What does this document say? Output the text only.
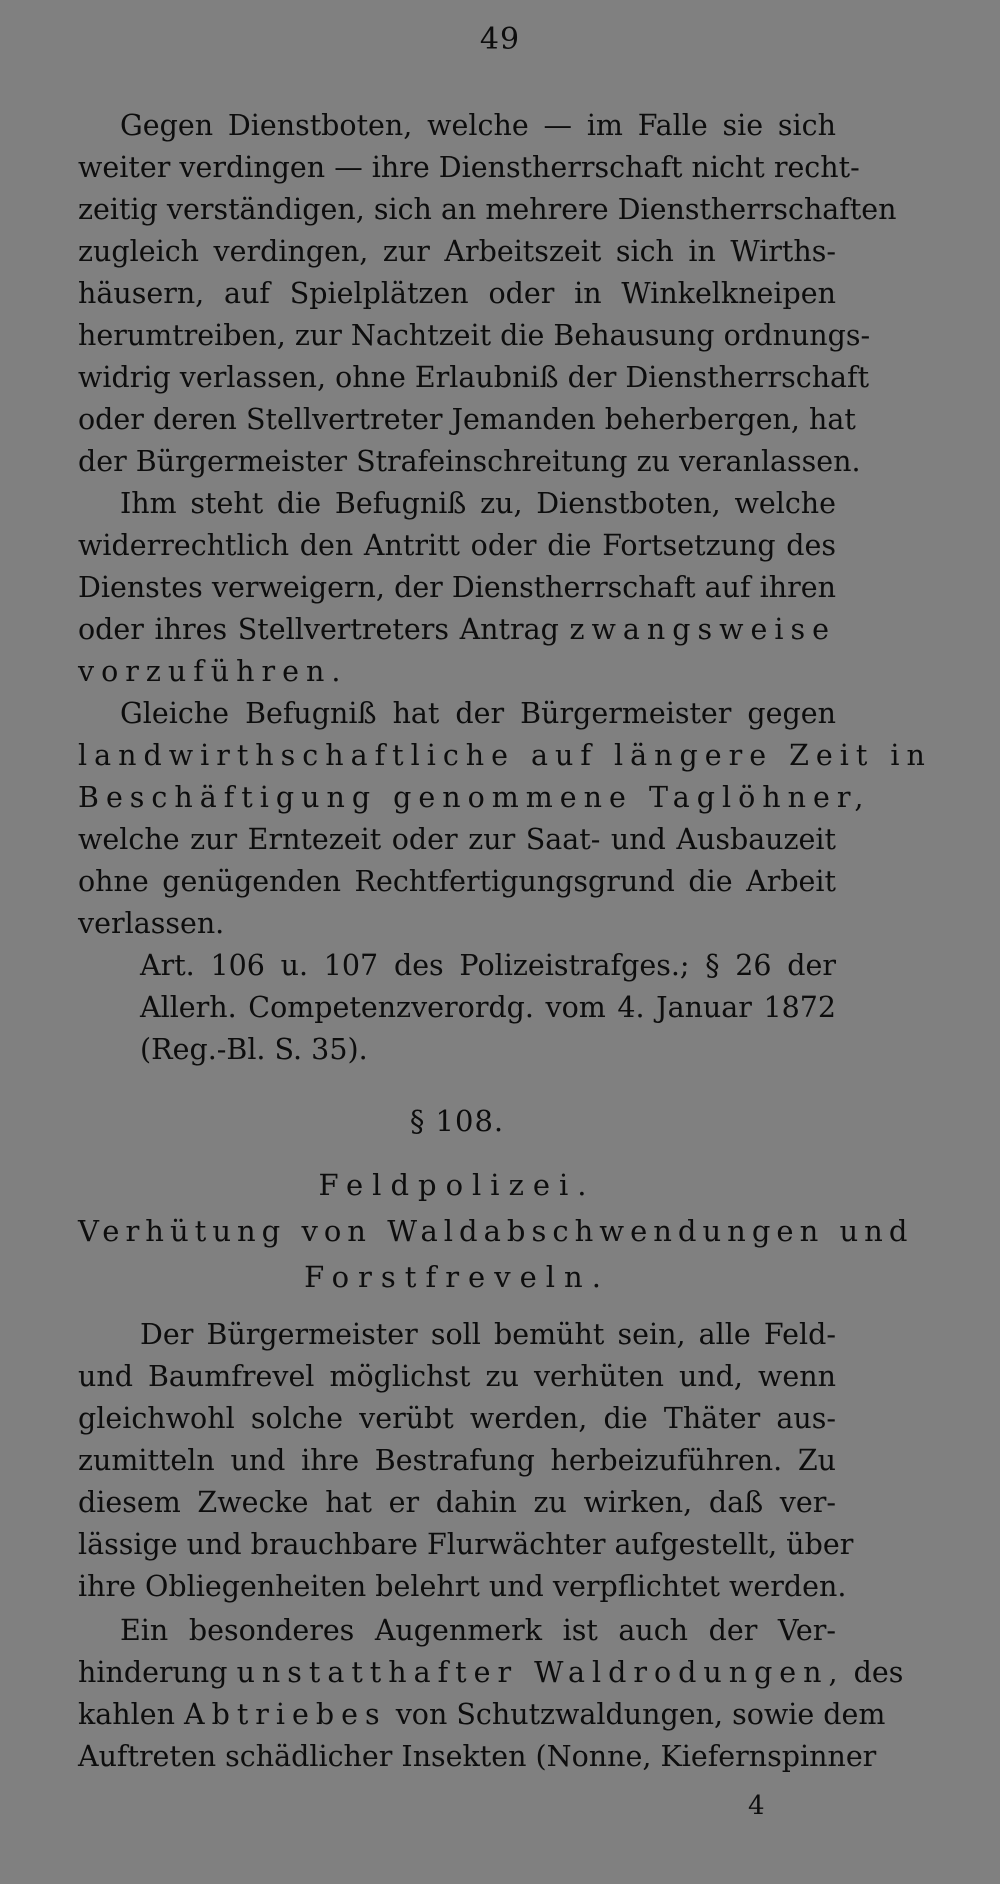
49
Gegen Dienstboten, welche — im Falle sie sich
weiter verdingen — ihre Dienstherrschaft nicht recht-
zeitig verständigen, sich an mehrere Dienstherrschaften
zugleich verdingen, zur Arbeitszeit sich in Wirths-
häusern, auf Spielplätzen oder in Winkelkneipen
herumtreiben, zur Nachtzeit die Behausung ordnungs-
widrig verlassen, ohne Erlaubniß der Dienstherrschaft
oder deren Stellvertreter Jemanden beherbergen, hat
der Bürgermeister Strafeinschreitung zu veranlassen.
Ihm steht die Befugniß zu, Dienstboten, welche
widerrechtlich den Antritt oder die Fortsetzung des
Dienstes verweigern, der Dienstherrschaft auf ihren
oder ihres Stellvertreters Antrag zwangsweise
vorzuführen.
Gleiche Befugniß hat der Bürgermeister gegen
landwirthschaftliche auf längere Zeit in
Beschäftigung genommene Taglöhner,
welche zur Erntezeit oder zur Saat- und Ausbauzeit
ohne genügenden Rechtfertigungsgrund die Arbeit
verlassen.
Art. 106 u. 107 des Polizeistrafges.; § 26 der
Allerh. Competenzverordg. vom 4. Januar 1872
(Reg.-Bl. S. 35).
§ 108.
Feldpolizei.
Verhütung von Waldabschwendungen und
Forstfreveln.
Der Bürgermeister soll bemüht sein, alle Feld-
und Baumfrevel möglichst zu verhüten und, wenn
gleichwohl solche verübt werden, die Thäter aus-
zumitteln und ihre Bestrafung herbeizuführen. Zu
diesem Zwecke hat er dahin zu wirken, daß ver-
lässige und brauchbare Flurwächter aufgestellt, über
ihre Obliegenheiten belehrt und verpflichtet werden.
Ein besonderes Augenmerk ist auch der Ver-
hinderung unstatthafter Waldrodungen, des
kahlen Abtriebes von Schutzwaldungen, sowie dem
Auftreten schädlicher Insekten (Nonne, Kiefernspinner
4
